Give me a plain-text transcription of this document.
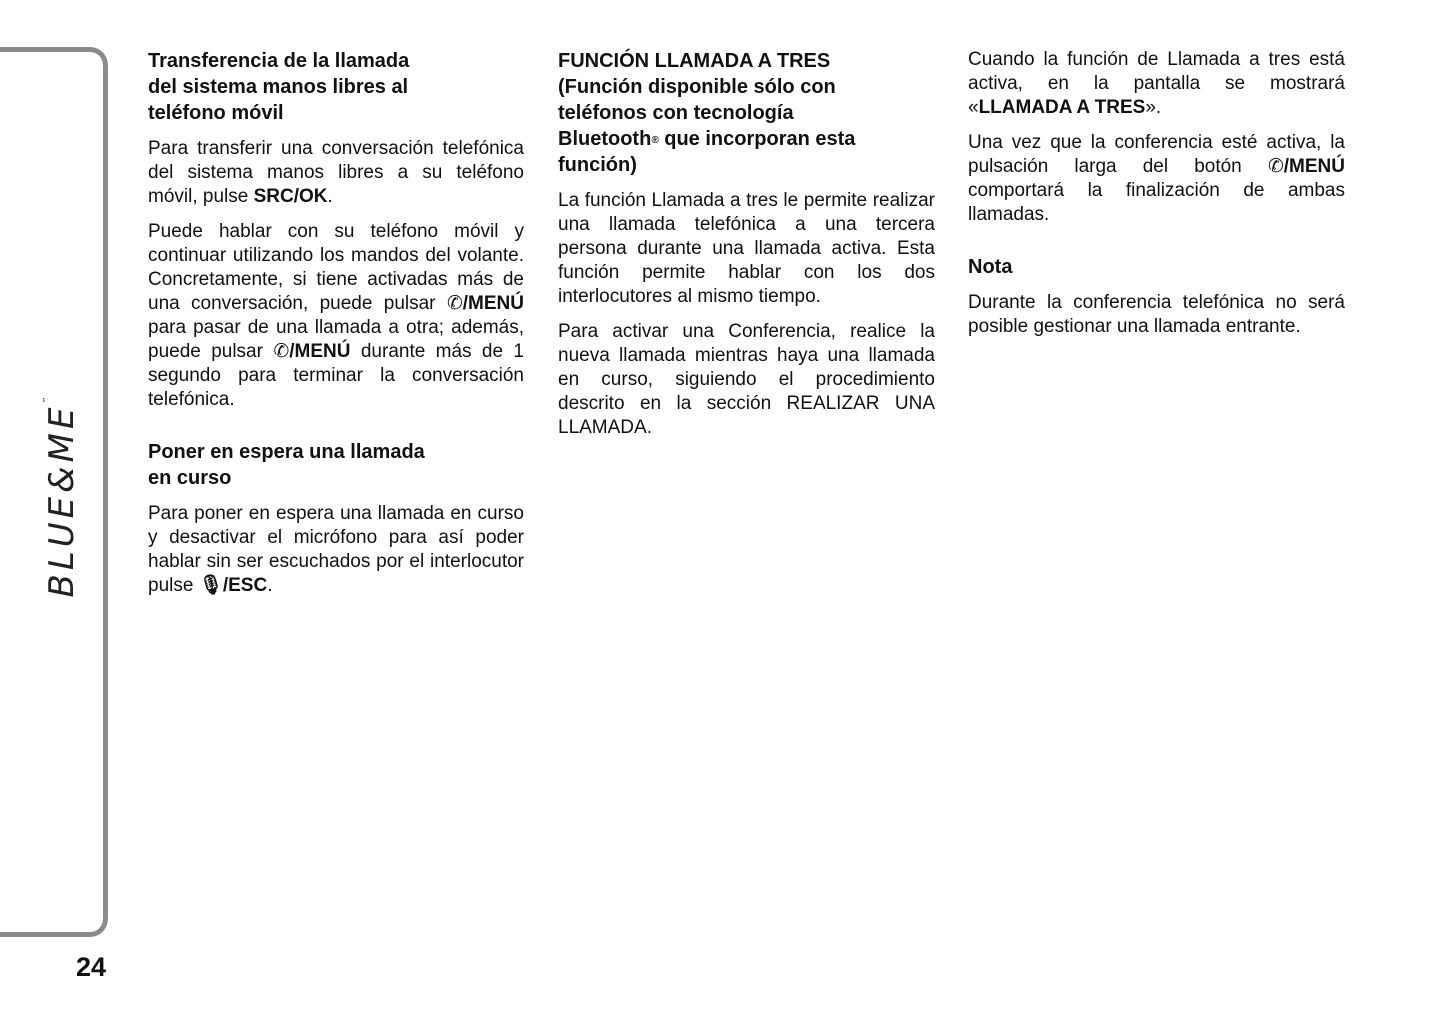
BLUE&ME™
24
Transferencia de la llamada
del sistema manos libres al
teléfono móvil

Para transferir una conversación telefónica del sistema manos libres a su teléfono móvil, pulse SRC/OK.

Puede hablar con su teléfono móvil y continuar utilizando los mandos del volante. Concretamente, si tiene activadas más de una conversación, puede pulsar ✆/MENÚ para pasar de una llamada a otra; además, puede pulsar ✆/MENÚ durante más de 1 segundo para terminar la conversación telefónica.

Poner en espera una llamada
en curso

Para poner en espera una llamada en curso y desactivar el micrófono para así poder hablar sin ser escuchados por el interlocutor pulse 🎙︎/ESC.

FUNCIÓN LLAMADA A TRES
(Función disponible sólo con
teléfonos con tecnología
Bluetooth® que incorporan esta
función)

La función Llamada a tres le permite realizar una llamada telefónica a una tercera persona durante una llamada activa. Esta función permite hablar con los dos interlocutores al mismo tiempo.

Para activar una Conferencia, realice la nueva llamada mientras haya una llamada en curso, siguiendo el procedimiento descrito en la sección REALIZAR UNA LLAMADA.

Cuando la función de Llamada a tres está activa, en la pantalla se mostrará «LLAMADA A TRES».

Una vez que la conferencia esté activa, la pulsación larga del botón ✆/MENÚ comportará la finalización de ambas llamadas.

Nota

Durante la conferencia telefónica no será posible gestionar una llamada entrante.
